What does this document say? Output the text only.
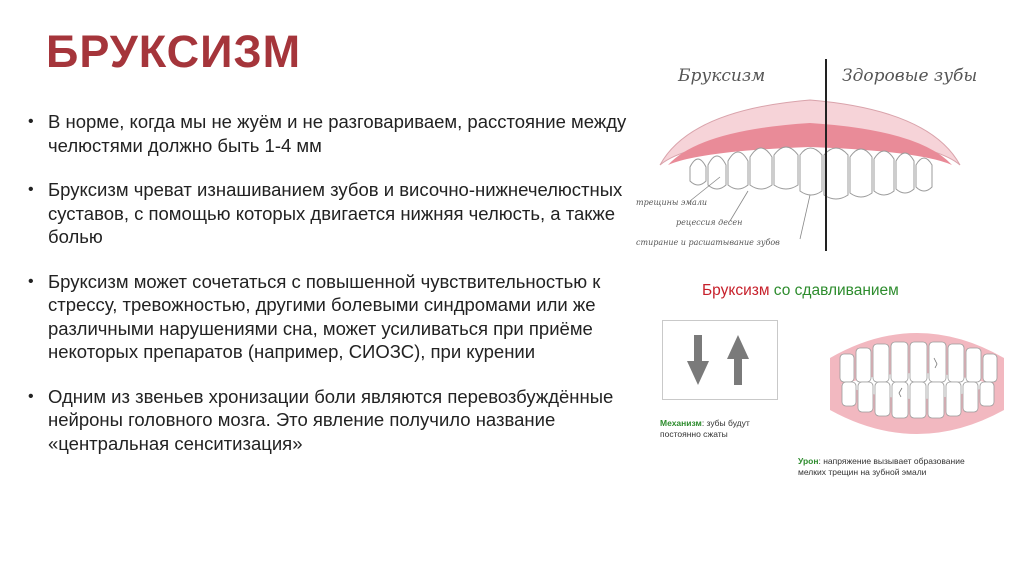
БРУКСИЗМ
• В норме, когда мы не жуём и не разговариваем, расстояние между челюстями должно быть 1-4 мм
• Бруксизм чреват изнашиванием зубов и височно-нижнечелюстных суставов, с помощью которых двигается нижняя челюсть, а также болью
• Бруксизм может сочетаться с повышенной чувствительностью к стрессу, тревожностью, другими болевыми синдромами или же различными нарушениями сна, может усиливаться при приёме некоторых препаратов (например, СИОЗС), при курении
• Одним из звеньев хронизации боли являются перевозбуждённые нейроны головного мозга. Это явление получило название «центральная сенситизация»
Бруксизм	Здоровые зубы
трещины эмали
рецессия десен
стирание и расшатывание зубов
Бруксизм со сдавливанием
Механизм: зубы будут постоянно сжаты
Урон: напряжение вызывает образование мелких трещин на зубной эмали
